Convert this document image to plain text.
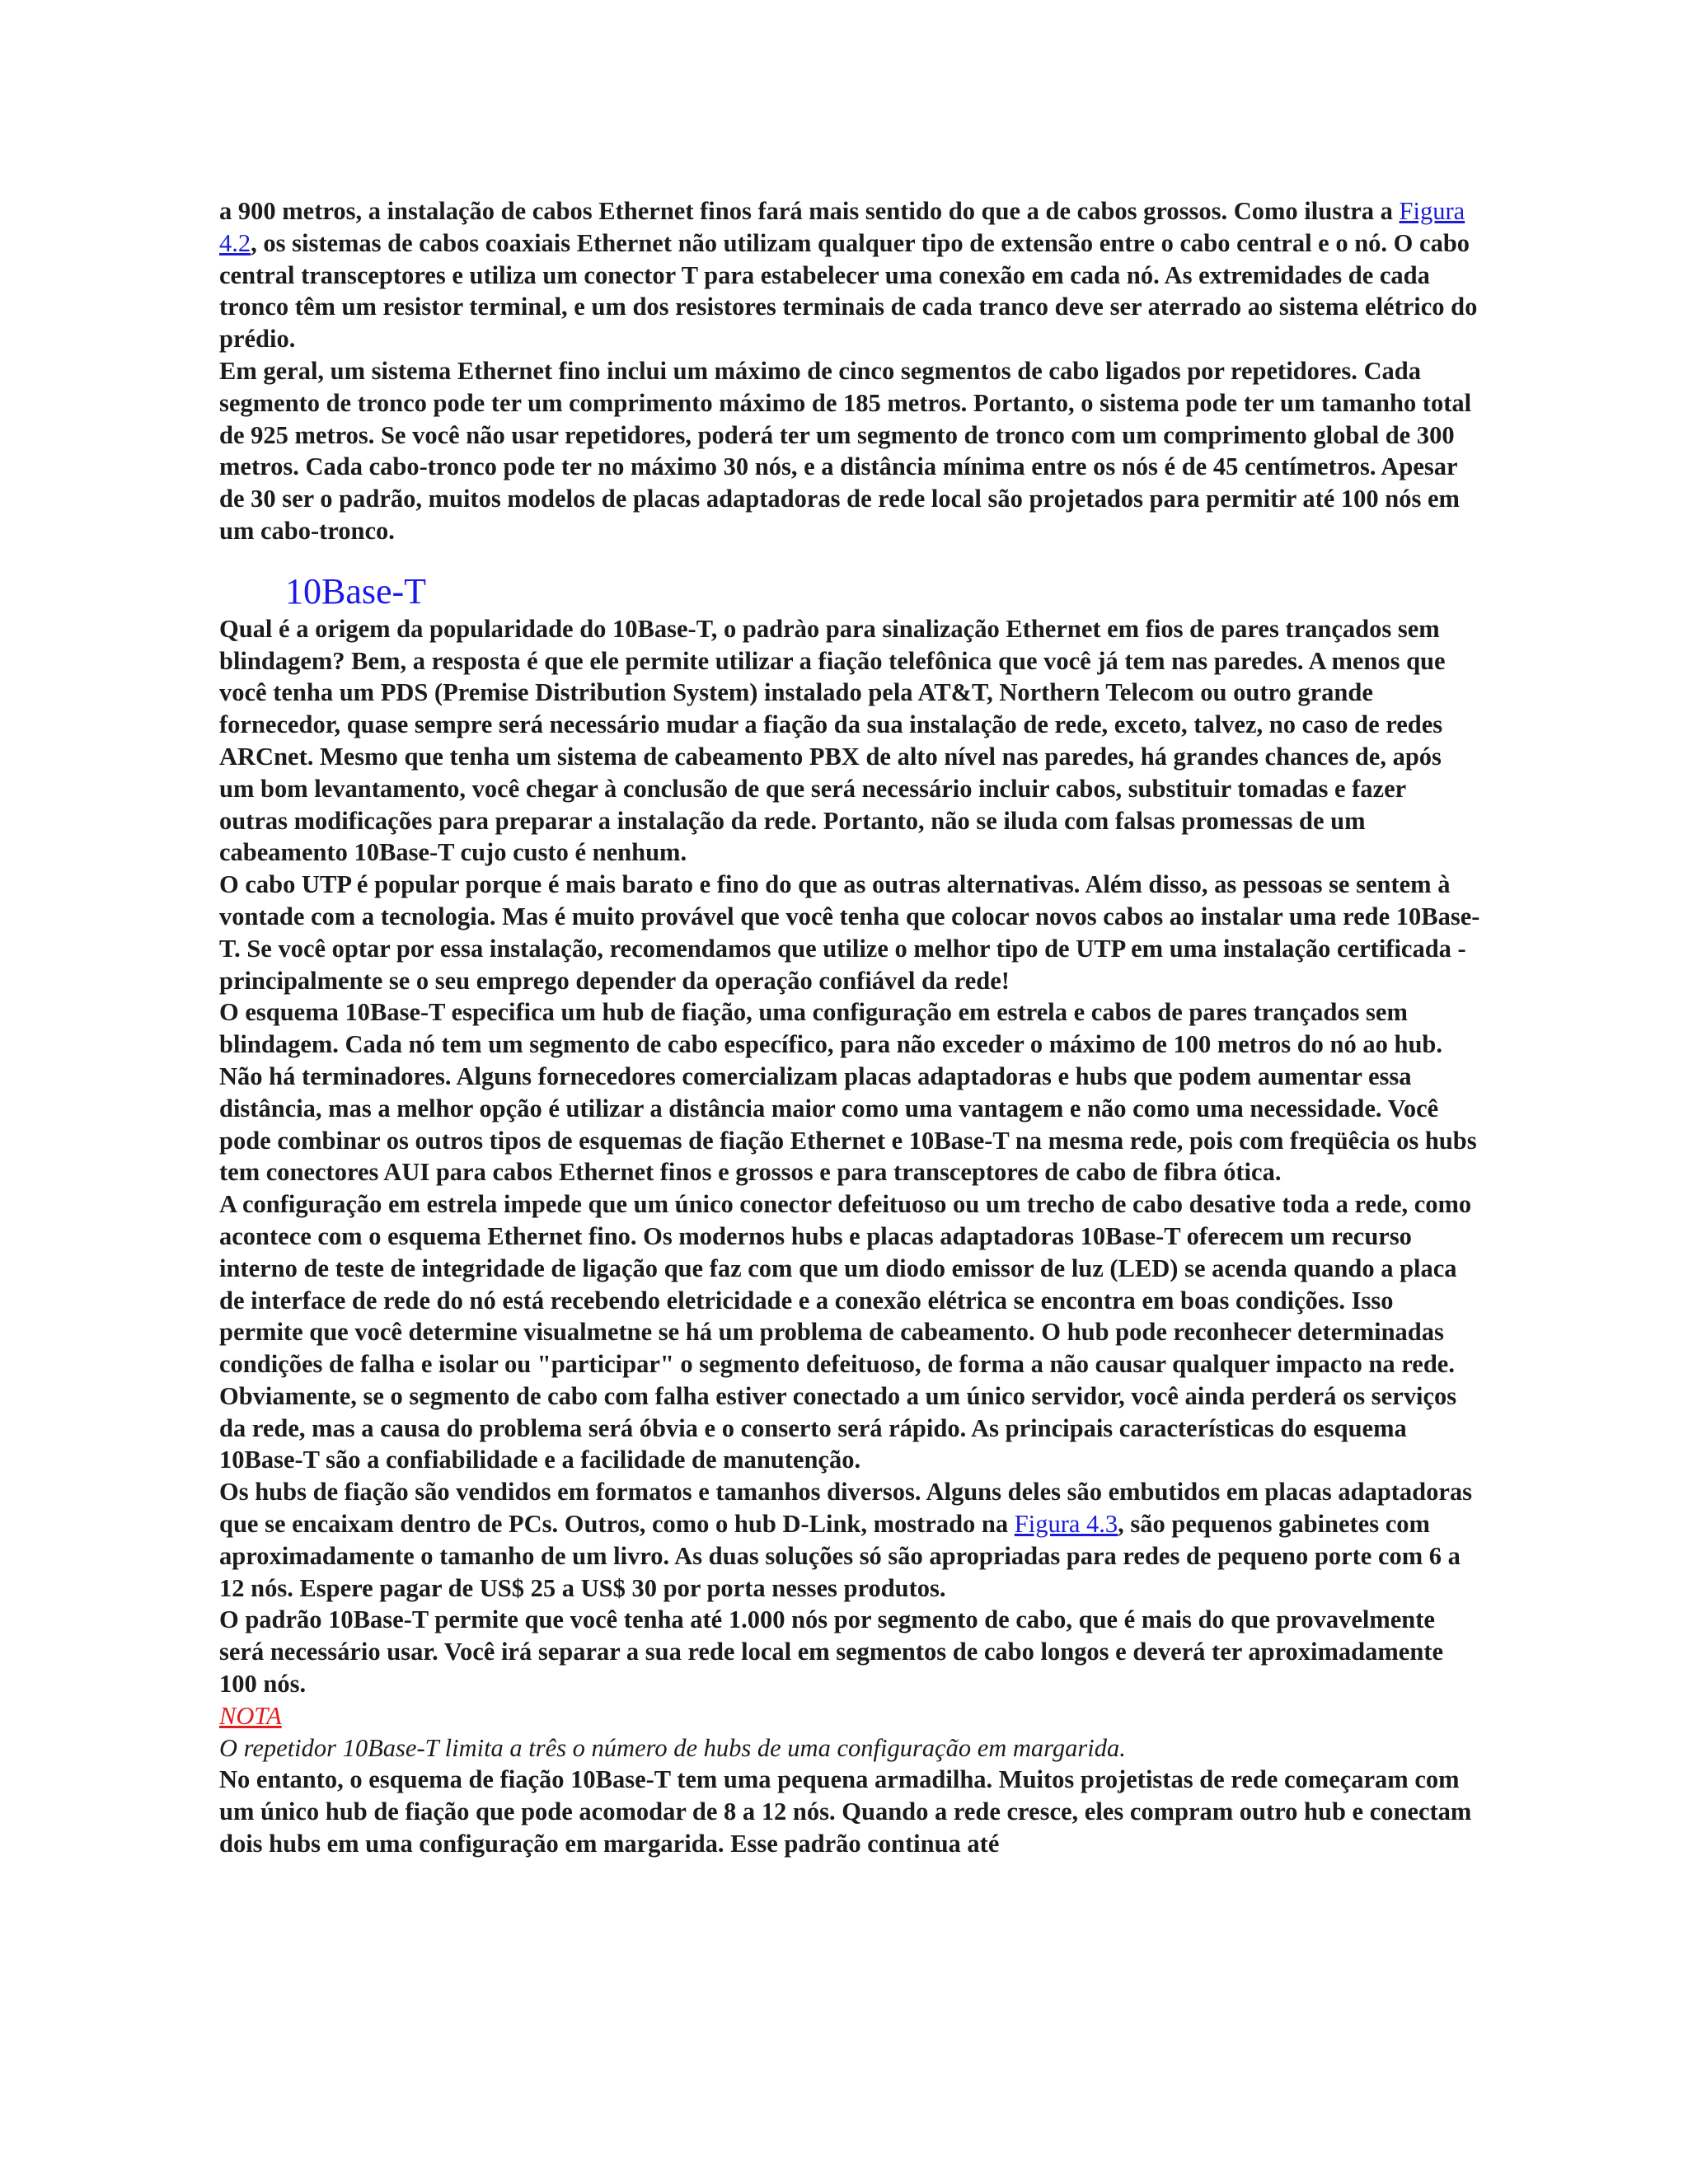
a 900 metros, a instalação de cabos Ethernet finos fará mais sentido do que a de cabos grossos. Como ilustra a Figura 4.2, os sistemas de cabos coaxiais Ethernet não utilizam qualquer tipo de extensão entre o cabo central e o nó. O cabo central transceptores e utiliza um conector T para estabelecer uma conexão em cada nó. As extremidades de cada tronco têm um resistor terminal, e um dos resistores terminais de cada tranco deve ser aterrado ao sistema elétrico do prédio.

Em geral, um sistema Ethernet fino inclui um máximo de cinco segmentos de cabo ligados por repetidores. Cada segmento de tronco pode ter um comprimento máximo de 185 metros. Portanto, o sistema pode ter um tamanho total de 925 metros. Se você não usar repetidores, poderá ter um segmento de tronco com um comprimento global de 300 metros. Cada cabo-tronco pode ter no máximo 30 nós, e a distância mínima entre os nós é de 45 centímetros. Apesar de 30 ser o padrão, muitos modelos de placas adaptadoras de rede local são projetados para permitir até 100 nós em um cabo-tronco.

10Base-T

Qual é a origem da popularidade do 10Base-T, o padrào para sinalização Ethernet em fios de pares trançados sem blindagem? Bem, a resposta é que ele permite utilizar a fiação telefônica que você já tem nas paredes. A menos que você tenha um PDS (Premise Distribution System) instalado pela AT&T, Northern Telecom ou outro grande fornecedor, quase sempre será necessário mudar a fiação da sua instalação de rede, exceto, talvez, no caso de redes ARCnet. Mesmo que tenha um sistema de cabeamento PBX de alto nível nas paredes, há grandes chances de, após um bom levantamento, você chegar à conclusão de que será necessário incluir cabos, substituir tomadas e fazer outras modificações para preparar a instalação da rede. Portanto, não se iluda com falsas promessas de um cabeamento 10Base-T cujo custo é nenhum.

O cabo UTP é popular porque é mais barato e fino do que as outras alternativas. Além disso, as pessoas se sentem à vontade com a tecnologia. Mas é muito provável que você tenha que colocar novos cabos ao instalar uma rede 10Base-T. Se você optar por essa instalação, recomendamos que utilize o melhor tipo de UTP em uma instalação certificada - principalmente se o seu emprego depender da operação confiável da rede!

O esquema 10Base-T especifica um hub de fiação, uma configuração em estrela e cabos de pares trançados sem blindagem. Cada nó tem um segmento de cabo específico, para não exceder o máximo de 100 metros do nó ao hub. Não há terminadores. Alguns fornecedores comercializam placas adaptadoras e hubs que podem aumentar essa distância, mas a melhor opção é utilizar a distância maior como uma vantagem e não como uma necessidade. Você pode combinar os outros tipos de esquemas de fiação Ethernet e 10Base-T na mesma rede, pois com freqüêcia os hubs tem conectores AUI para cabos Ethernet finos e grossos e para transceptores de cabo de fibra ótica.

A configuração em estrela impede que um único conector defeituoso ou um trecho de cabo desative toda a rede, como acontece com o esquema Ethernet fino. Os modernos hubs e placas adaptadoras 10Base-T oferecem um recurso interno de teste de integridade de ligação que faz com que um diodo emissor de luz (LED) se acenda quando a placa de interface de rede do nó está recebendo eletricidade e a conexão elétrica se encontra em boas condições. Isso permite que você determine visualmetne se há um problema de cabeamento. O hub pode reconhecer determinadas condições de falha e isolar ou "participar" o segmento defeituoso, de forma a não causar qualquer impacto na rede. Obviamente, se o segmento de cabo com falha estiver conectado a um único servidor, você ainda perderá os serviços da rede, mas a causa do problema será óbvia e o conserto será rápido. As principais características do esquema 10Base-T são a confiabilidade e a facilidade de manutenção.

Os hubs de fiação são vendidos em formatos e tamanhos diversos. Alguns deles são embutidos em placas adaptadoras que se encaixam dentro de PCs. Outros, como o hub D-Link, mostrado na Figura 4.3, são pequenos gabinetes com aproximadamente o tamanho de um livro. As duas soluções só são apropriadas para redes de pequeno porte com 6 a 12 nós. Espere pagar de US$ 25 a US$ 30 por porta nesses produtos.

O padrão 10Base-T permite que você tenha até 1.000 nós por segmento de cabo, que é mais do que provavelmente será necessário usar. Você irá separar a sua rede local em segmentos de cabo longos e deverá ter aproximadamente 100 nós.

NOTA

O repetidor 10Base-T limita a três o número de hubs de uma configuração em margarida.

No entanto, o esquema de fiação 10Base-T tem uma pequena armadilha. Muitos projetistas de rede começaram com um único hub de fiação que pode acomodar de 8 a 12 nós. Quando a rede cresce, eles compram outro hub e conectam dois hubs em uma configuração em margarida. Esse padrão continua até
